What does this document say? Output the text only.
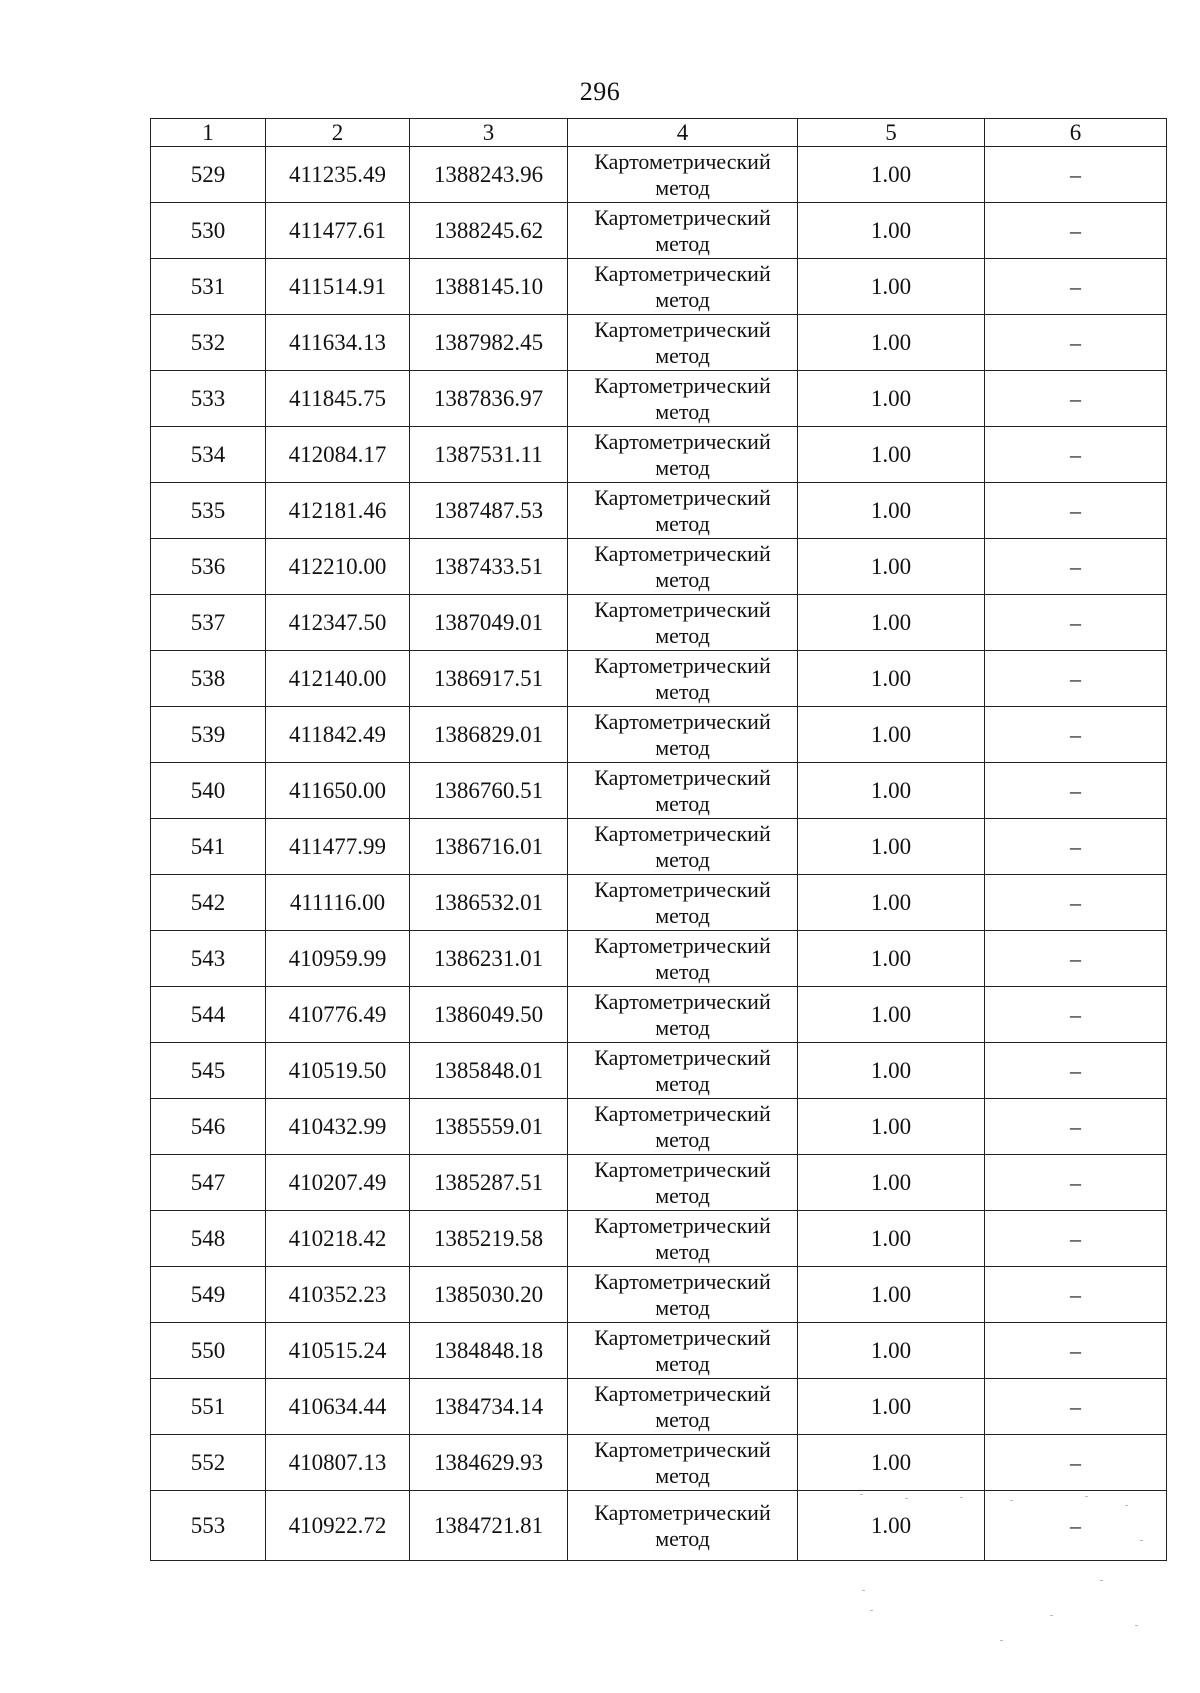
296
1	2	3	4	5	6
529	411235.49	1388243.96	Картометрический метод	1.00	–
530	411477.61	1388245.62	Картометрический метод	1.00	–
531	411514.91	1388145.10	Картометрический метод	1.00	–
532	411634.13	1387982.45	Картометрический метод	1.00	–
533	411845.75	1387836.97	Картометрический метод	1.00	–
534	412084.17	1387531.11	Картометрический метод	1.00	–
535	412181.46	1387487.53	Картометрический метод	1.00	–
536	412210.00	1387433.51	Картометрический метод	1.00	–
537	412347.50	1387049.01	Картометрический метод	1.00	–
538	412140.00	1386917.51	Картометрический метод	1.00	–
539	411842.49	1386829.01	Картометрический метод	1.00	–
540	411650.00	1386760.51	Картометрический метод	1.00	–
541	411477.99	1386716.01	Картометрический метод	1.00	–
542	411116.00	1386532.01	Картометрический метод	1.00	–
543	410959.99	1386231.01	Картометрический метод	1.00	–
544	410776.49	1386049.50	Картометрический метод	1.00	–
545	410519.50	1385848.01	Картометрический метод	1.00	–
546	410432.99	1385559.01	Картометрический метод	1.00	–
547	410207.49	1385287.51	Картометрический метод	1.00	–
548	410218.42	1385219.58	Картометрический метод	1.00	–
549	410352.23	1385030.20	Картометрический метод	1.00	–
550	410515.24	1384848.18	Картометрический метод	1.00	–
551	410634.44	1384734.14	Картометрический метод	1.00	–
552	410807.13	1384629.93	Картометрический метод	1.00	–
553	410922.72	1384721.81	Картометрический метод	1.00	–
